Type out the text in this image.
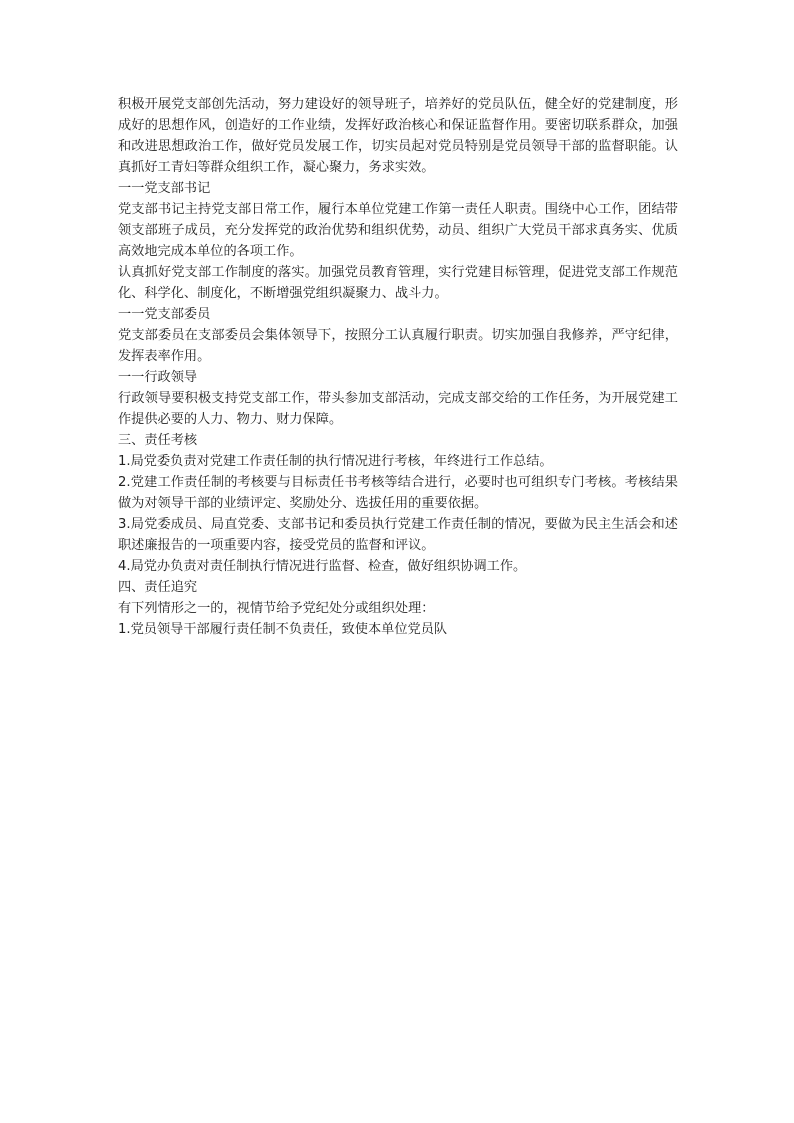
积极开展党支部创先活动，努力建设好的领导班子，培养好的党员队伍，健全好的党建制度，形成好的思想作风，创造好的工作业绩，发挥好政治核心和保证监督作用。要密切联系群众，加强和改进思想政治工作，做好党员发展工作，切实员起对党员特别是党员领导干部的监督职能。认真抓好工青妇等群众组织工作，凝心聚力，务求实效。

一一党支部书记

党支部书记主持党支部日常工作，履行本单位党建工作第一责任人职责。围绕中心工作，团结带领支部班子成员，充分发挥党的政治优势和组织优势，动员、组织广大党员干部求真务实、优质高效地完成本单位的各项工作。

认真抓好党支部工作制度的落实。加强党员教育管理，实行党建目标管理，促进党支部工作规范化、科学化、制度化，不断增强党组织凝聚力、战斗力。

一一党支部委员

党支部委员在支部委员会集体领导下，按照分工认真履行职责。切实加强自我修养，严守纪律，发挥表率作用。

一一行政领导

行政领导要积极支持党支部工作，带头参加支部活动，完成支部交给的工作任务，为开展党建工作提供必要的人力、物力、财力保障。

三、责任考核

1.局党委负责对党建工作责任制的执行情况进行考核，年终进行工作总结。

2.党建工作责任制的考核要与目标责任书考核等结合进行，必要时也可组织专门考核。考核结果做为对领导干部的业绩评定、奖励处分、选拔任用的重要依据。

3.局党委成员、局直党委、支部书记和委员执行党建工作责任制的情况，要做为民主生活会和述职述廉报告的一项重要内容，接受党员的监督和评议。

4.局党办负责对责任制执行情况进行监督、检查，做好组织协调工作。

四、责任追究

有下列情形之一的，视情节给予党纪处分或组织处理：

1.党员领导干部履行责任制不负责任，致使本单位党员队
